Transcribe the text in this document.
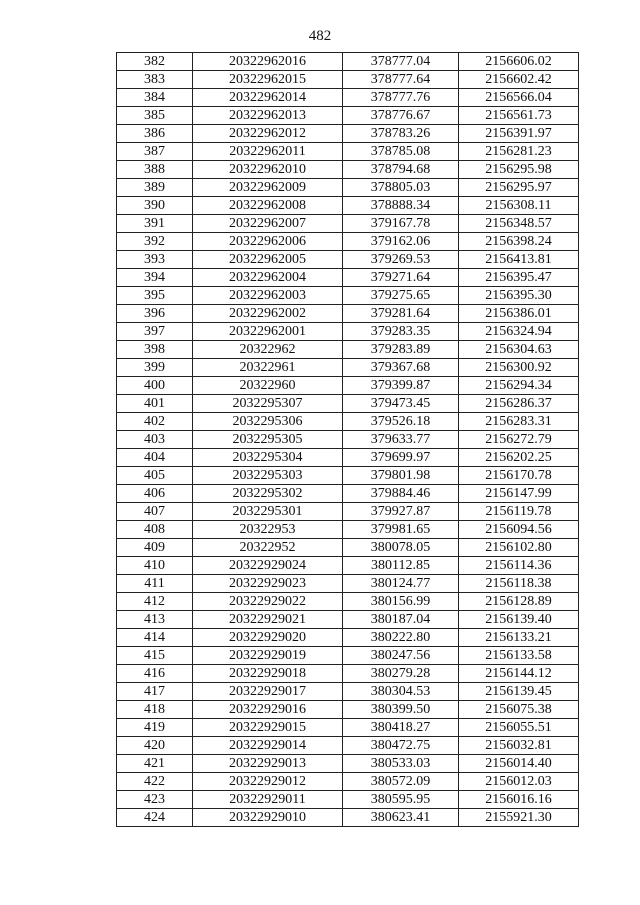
482
382	20322962016	378777.04	2156606.02
383	20322962015	378777.64	2156602.42
384	20322962014	378777.76	2156566.04
385	20322962013	378776.67	2156561.73
386	20322962012	378783.26	2156391.97
387	20322962011	378785.08	2156281.23
388	20322962010	378794.68	2156295.98
389	20322962009	378805.03	2156295.97
390	20322962008	378888.34	2156308.11
391	20322962007	379167.78	2156348.57
392	20322962006	379162.06	2156398.24
393	20322962005	379269.53	2156413.81
394	20322962004	379271.64	2156395.47
395	20322962003	379275.65	2156395.30
396	20322962002	379281.64	2156386.01
397	20322962001	379283.35	2156324.94
398	20322962	379283.89	2156304.63
399	20322961	379367.68	2156300.92
400	20322960	379399.87	2156294.34
401	2032295307	379473.45	2156286.37
402	2032295306	379526.18	2156283.31
403	2032295305	379633.77	2156272.79
404	2032295304	379699.97	2156202.25
405	2032295303	379801.98	2156170.78
406	2032295302	379884.46	2156147.99
407	2032295301	379927.87	2156119.78
408	20322953	379981.65	2156094.56
409	20322952	380078.05	2156102.80
410	20322929024	380112.85	2156114.36
411	20322929023	380124.77	2156118.38
412	20322929022	380156.99	2156128.89
413	20322929021	380187.04	2156139.40
414	20322929020	380222.80	2156133.21
415	20322929019	380247.56	2156133.58
416	20322929018	380279.28	2156144.12
417	20322929017	380304.53	2156139.45
418	20322929016	380399.50	2156075.38
419	20322929015	380418.27	2156055.51
420	20322929014	380472.75	2156032.81
421	20322929013	380533.03	2156014.40
422	20322929012	380572.09	2156012.03
423	20322929011	380595.95	2156016.16
424	20322929010	380623.41	2155921.30
